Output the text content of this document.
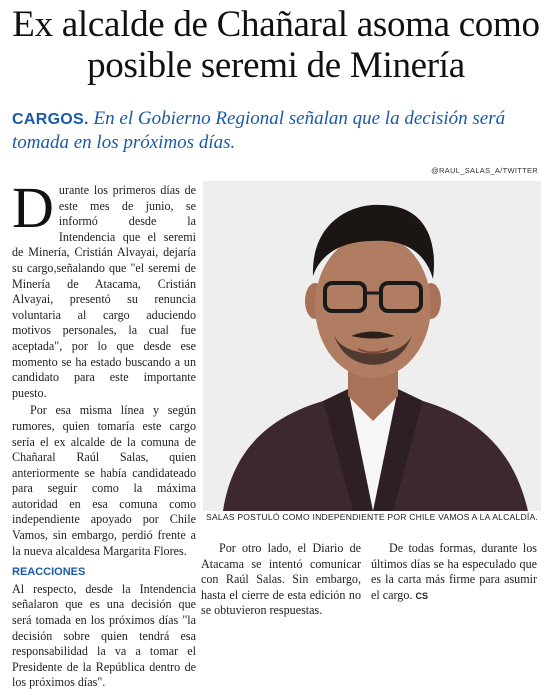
Ex alcalde de Chañaral asoma como posible seremi de Minería
CARGOS. En el Gobierno Regional señalan que la decisión será tomada en los próximos días.
@RAUL_SALAS_A/TWITTER

Durante los primeros días de este mes de junio, se informó desde la Intendencia que el seremi de Minería, Cristián Alvayai, dejaría su cargo,señalando que "el seremi de Minería de Atacama, Cristián Alvayai, presentó su renuncia voluntaria al cargo aduciendo motivos personales, la cual fue aceptada", por lo que desde ese momento se ha estado buscando a un candidato para este importante puesto.

Por esa misma línea y según rumores, quien tomaría este cargo sería el ex alcalde de la comuna de Chañaral Raúl Salas, quien anteriormente se había candidateado para seguir como la máxima autoridad en esa comuna como independiente apoyado por Chile Vamos, sin embargo, perdió frente a la nueva alcaldesa Margarita Flores.

REACCIONES

Al respecto, desde la Intendencia señalaron que es una decisión que será tomada en los próximos días "la decisión sobre quien tendrá esa responsabilidad la va a tomar el Presidente de la República dentro de los próximos días".

Por otro lado, el Diario de Atacama se intentó comunicar con Raúl Salas. Sin embargo, hasta el cierre de esta edición no se obtuvieron respuestas.

De todas formas, durante los últimos días se ha especulado que es la carta más firme para asumir el cargo. CS

SALAS POSTULÓ COMO INDEPENDIENTE POR CHILE VAMOS A LA ALCALDÍA.
